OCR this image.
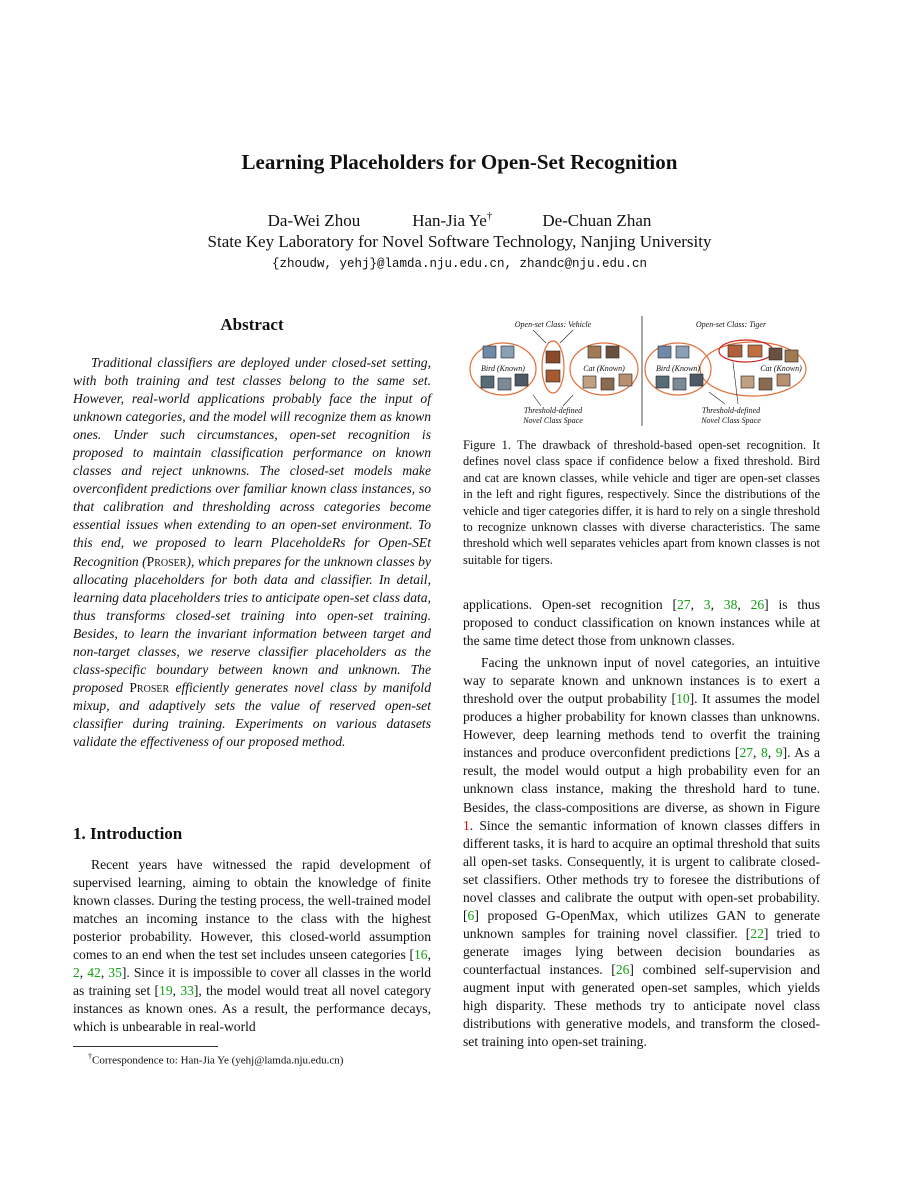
Learning Placeholders for Open-Set Recognition
Da-Wei Zhou	Han-Jia Ye†	De-Chuan Zhan
State Key Laboratory for Novel Software Technology, Nanjing University
{zhoudw, yehj}@lamda.nju.edu.cn, zhandc@nju.edu.cn
Abstract

Traditional classifiers are deployed under closed-set setting, with both training and test classes belong to the same set. However, real-world applications probably face the input of unknown categories, and the model will recognize them as known ones. Under such circumstances, open-set recognition is proposed to maintain classification performance on known classes and reject unknowns. The closed-set models make overconfident predictions over familiar known class instances, so that calibration and thresholding across categories become essential issues when extending to an open-set environment. To this end, we proposed to learn PlaceholdeRs for Open-SEt Recognition (Proser), which prepares for the unknown classes by allocating placeholders for both data and classifier. In detail, learning data placeholders tries to anticipate open-set class data, thus transforms closed-set training into open-set training. Besides, to learn the invariant information between target and non-target classes, we reserve classifier placeholders as the class-specific boundary between known and unknown. The proposed Proser efficiently generates novel class by manifold mixup, and adaptively sets the value of reserved open-set classifier during training. Experiments on various datasets validate the effectiveness of our proposed method.

1. Introduction

Recent years have witnessed the rapid development of supervised learning, aiming to obtain the knowledge of finite known classes. During the testing process, the well-trained model matches an incoming instance to the class with the highest posterior probability. However, this closed-world assumption comes to an end when the test set includes unseen categories [16, 2, 42, 35]. Since it is impossible to cover all classes in the world as training set [19, 33], the model would treat all novel category instances as known ones. As a result, the performance decays, which is unbearable in real-world

†Correspondence to: Han-Jia Ye (yehj@lamda.nju.edu.cn)
Open-set Class: Vehicle
Bird (Known)	Cat (Known)
Threshold-defined
Novel Class Space
Open-set Class: Tiger
Bird (Known)	Cat (Known)
Threshold-defined
Novel Class Space

Figure 1. The drawback of threshold-based open-set recognition. It defines novel class space if confidence below a fixed threshold. Bird and cat are known classes, while vehicle and tiger are open-set classes in the left and right figures, respectively. Since the distributions of the vehicle and tiger categories differ, it is hard to rely on a single threshold to recognize unknown classes with diverse characteristics. The same threshold which well separates vehicles apart from known classes is not suitable for tigers.

applications. Open-set recognition [27, 3, 38, 26] is thus proposed to conduct classification on known instances while at the same time detect those from unknown classes.

Facing the unknown input of novel categories, an intuitive way to separate known and unknown instances is to exert a threshold over the output probability [10]. It assumes the model produces a higher probability for known classes than unknowns. However, deep learning methods tend to overfit the training instances and produce overconfident predictions [27, 8, 9]. As a result, the model would output a high probability even for an unknown class instance, making the threshold hard to tune. Besides, the class-compositions are diverse, as shown in Figure 1. Since the semantic information of known classes differs in different tasks, it is hard to acquire an optimal threshold that suits all open-set tasks. Consequently, it is urgent to calibrate closed-set classifiers. Other methods try to foresee the distributions of novel classes and calibrate the output with open-set probability. [6] proposed G-OpenMax, which utilizes GAN to generate unknown samples for training novel classifier. [22] tried to generate images lying between decision boundaries as counterfactual instances. [26] combined self-supervision and augment input with generated open-set samples, which yields high disparity. These methods try to anticipate novel class distributions with generative models, and transform the closed-set training into open-set training.
